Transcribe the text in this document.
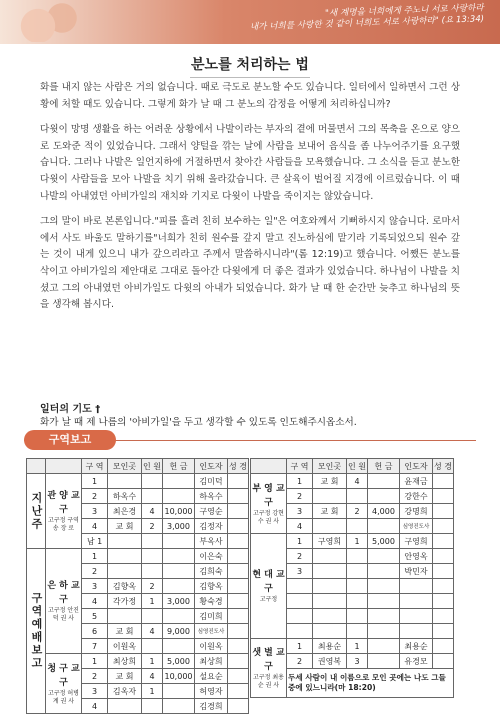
"새 계명을 너희에게 주노니 서로 사랑하라
내가 너희를 사랑한 것 같이 너희도 서로 사랑하라" (요 13:34)
분노를 처리하는 법

화를 내지 않는 사람은 거의 없습니다. 때로 극도로 분노할 수도 있습니다. 일터에서 일하면서 그런 상황에 처할 때도 있습니다. 그렇게 화가 날 때 그 분노의 감정을 어떻게 처리하십니까?

다윗이 망명 생활을 하는 어려운 상황에서 나발이라는 부자의 곁에 머물면서 그의 목축을 온으로 양으로 도와준 적이 있었습니다. 그래서 양털을 깎는 날에 사람을 보내어 음식을 좀 나누어주기를 요구했습니다. 그러나 나발은 일언지하에 거절하면서 찾아간 사람들을 모욕했습니다. 그 소식을 듣고 분노한 다윗이 사람들을 모아 나발을 치기 위해 올라갔습니다. 큰 살육이 벌어질 지경에 이르렀습니다. 이 때 나발의 아내였던 아비가일의 재치와 기지로 다윗이 나발을 죽이지는 않았습니다.

그의 말이 바로 본론입니다."피를 흘려 친히 보수하는 일"은 여호와께서 기뻐하시지 않습니다. 로마서에서 사도 바울도 말하기를"너희가 친히 원수를 갚지 말고 진노하심에 맡기라 기록되었으되 원수 갚는 것이 내게 있으니 내가 갚으리라고 주께서 말씀하시니라"(롬 12:19)고 했습니다. 어쨌든 분노를 삭이고 아비가일의 제안대로 그대로 돌아간 다윗에게 더 좋은 결과가 있었습니다. 하나님이 나발을 치셨고 그의 아내였던 아비가일도 다윗의 아내가 되었습니다. 화가 날 때 한 순간만 늦추고 하나님의 뜻을 생각해 봅시다.

일터의 기도 †
화가 날 때 제 나름의 '아비가일'을 두고 생각할 수 있도록 인도해주시옵소서.
구역보고
		구 역	모인곳	인 원	헌 금	인도자	성 경
지난주	관 양 교 구
고구정 구역송 장 로	1				김미덕	
		2	하옥수			하옥수	
		3	최은경	4	10,000	구영순	
		4	교 회	2	3,000	김정자	
		남 1				부옥사	
구역예배보고	은 하 교 구
고구정 안진덕 권 사	1				이은숙	
		2				김희숙	
		3	김향옥	2		김향옥	
		4	각가정	1	3,000	황숙경	
		5				김미희	
		6	교 회	4	9,000	심영진도사	
		7	이원옥			이원옥	

	청 구 교 구
고구정 허병계 권 사	1	최상희	1	5,000	최상희	
		2	교 회	4	10,000	설요순	
		3	김옥자	1		허영자	
		4				김경희	
	구 역	모인곳	인 원	헌 금	인도자	성 경

부 영 교 구
고구정 강현수 권 사	1	교 회	4		윤재금	
	2				강한수	
	3	교 회	2	4,000	강명희	
	4				심영진도사	

현 대 교 구
고구정	1	구영희	1	5,000	구영희	
	2				안영옥	
	3				박민자	

샛 별 교 구
고구정 최용순 권 사	1	최용순	1		최용순	
	2	권영복	3		유경모	
	두세 사람이 내 이름으로 모인 곳에는 나도 그들 중에 있느니라(마 18:20)					
